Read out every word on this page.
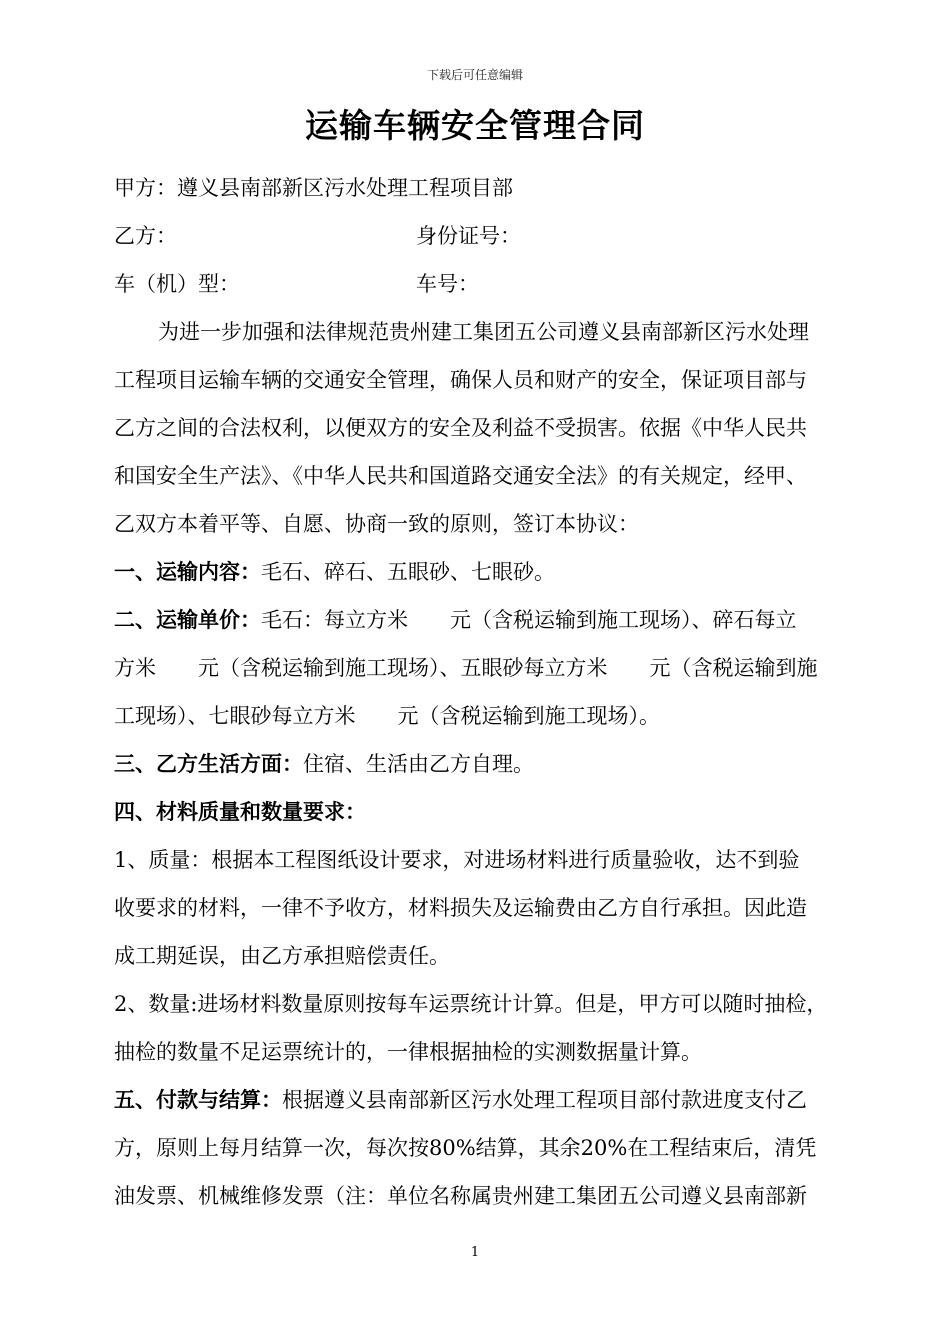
下载后可任意编辑
运输车辆安全管理合同
甲方：遵义县南部新区污水处理工程项目部
乙方：	身份证号：
车（机）型：	车号：
为进一步加强和法律规范贵州建工集团五公司遵义县南部新区污水处理
工程项目运输车辆的交通安全管理，确保人员和财产的安全，保证项目部与
乙方之间的合法权利，以便双方的安全及利益不受损害。依据《中华人民共
和国安全生产法》、《中华人民共和国道路交通安全法》的有关规定，经甲、
乙双方本着平等、自愿、协商一致的原则，签订本协议：
一、运输内容：毛石、碎石、五眼砂、七眼砂。
二、运输单价：毛石：每立方米　　元（含税运输到施工现场）、碎石每立
方米　　元（含税运输到施工现场）、五眼砂每立方米　　元（含税运输到施
工现场）、七眼砂每立方米　　元（含税运输到施工现场）。
三、乙方生活方面：住宿、生活由乙方自理。
四、材料质量和数量要求：
1、质量：根据本工程图纸设计要求，对进场材料进行质量验收，达不到验
收要求的材料，一律不予收方，材料损失及运输费由乙方自行承担。因此造
成工期延误，由乙方承担赔偿责任。
2、数量:进场材料数量原则按每车运票统计计算。但是，甲方可以随时抽检，
抽检的数量不足运票统计的，一律根据抽检的实测数据量计算。
五、付款与结算：根据遵义县南部新区污水处理工程项目部付款进度支付乙
方，原则上每月结算一次，每次按80%结算，其余20%在工程结束后，清凭
油发票、机械维修发票（注：单位名称属贵州建工集团五公司遵义县南部新
1
